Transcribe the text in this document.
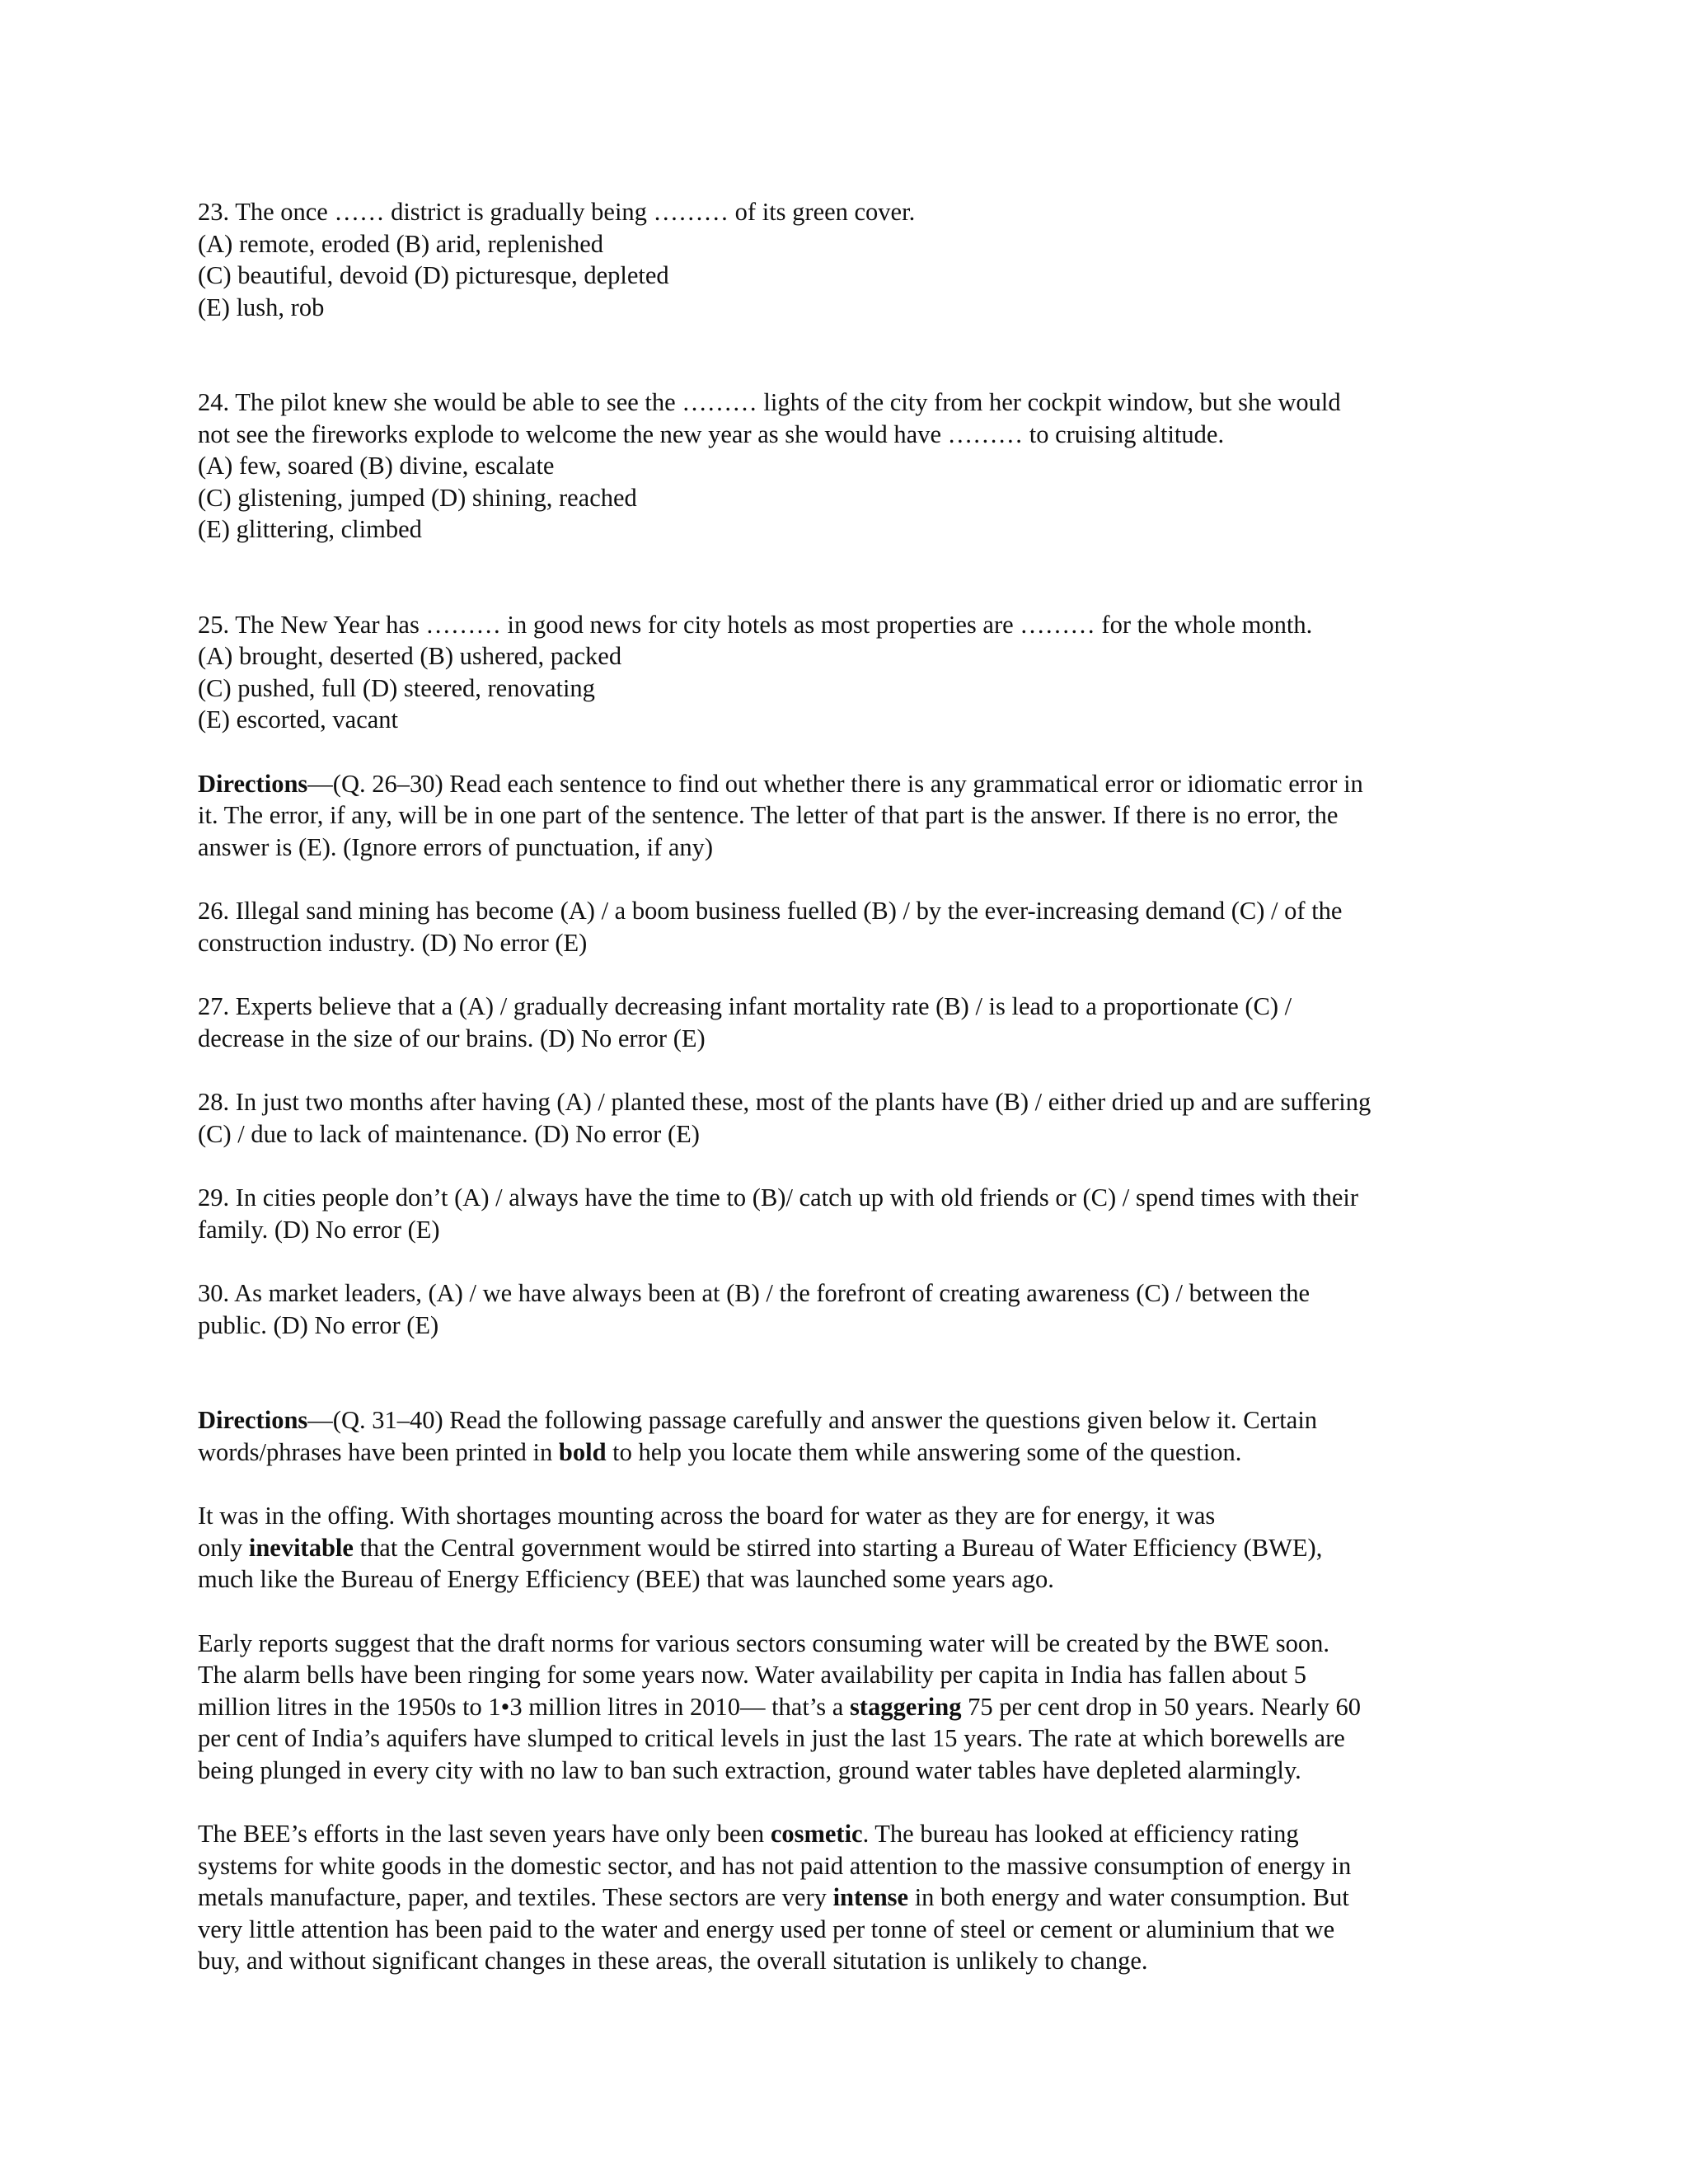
23. The once …… district is gradually being ……… of its green cover.
(A) remote, eroded (B) arid, replenished
(C) beautiful, devoid (D) picturesque, depleted
(E) lush, rob
24. The pilot knew she would be able to see the ……… lights of the city from her cockpit window, but she would
not see the fireworks explode to welcome the new year as she would have ……… to cruising altitude.
(A) few, soared (B) divine, escalate
(C) glistening, jumped (D) shining, reached
(E) glittering, climbed
25. The New Year has ……… in good news for city hotels as most properties are ……… for the whole month.
(A) brought, deserted (B) ushered, packed
(C) pushed, full (D) steered, renovating
(E) escorted, vacant
Directions—(Q. 26–30) Read each sentence to find out whether there is any grammatical error or idiomatic error in
it. The error, if any, will be in one part of the sentence. The letter of that part is the answer. If there is no error, the
answer is (E). (Ignore errors of punctuation, if any)
26. Illegal sand mining has become (A) / a boom business fuelled (B) / by the ever-increasing demand (C) / of the
construction industry. (D) No error (E)
27. Experts believe that a (A) / gradually decreasing infant mortality rate (B) / is lead to a proportionate (C) /
decrease in the size of our brains. (D) No error (E)
28. In just two months after having (A) / planted these, most of the plants have (B) / either dried up and are suffering
(C) / due to lack of maintenance. (D) No error (E)
29. In cities people don’t (A) / always have the time to (B)/ catch up with old friends or (C) / spend times with their
family. (D) No error (E)
30. As market leaders, (A) / we have always been at (B) / the forefront of creating awareness (C) / between the
public. (D) No error (E)
Directions—(Q. 31–40) Read the following passage carefully and answer the questions given below it. Certain
words/phrases have been printed in bold to help you locate them while answering some of the question.
It was in the offing. With shortages mounting across the board for water as they are for energy, it was
only inevitable that the Central government would be stirred into starting a Bureau of Water Efficiency (BWE),
much like the Bureau of Energy Efficiency (BEE) that was launched some years ago.
Early reports suggest that the draft norms for various sectors consuming water will be created by the BWE soon.
The alarm bells have been ringing for some years now. Water availability per capita in India has fallen about 5
million litres in the 1950s to 1•3 million litres in 2010— that’s a staggering 75 per cent drop in 50 years. Nearly 60
per cent of India’s aquifers have slumped to critical levels in just the last 15 years. The rate at which borewells are
being plunged in every city with no law to ban such extraction, ground water tables have depleted alarmingly.
The BEE’s efforts in the last seven years have only been cosmetic. The bureau has looked at efficiency rating
systems for white goods in the domestic sector, and has not paid attention to the massive consumption of energy in
metals manufacture, paper, and textiles. These sectors are very intense in both energy and water consumption. But
very little attention has been paid to the water and energy used per tonne of steel or cement or aluminium that we
buy, and without significant changes in these areas, the overall situtation is unlikely to change.
